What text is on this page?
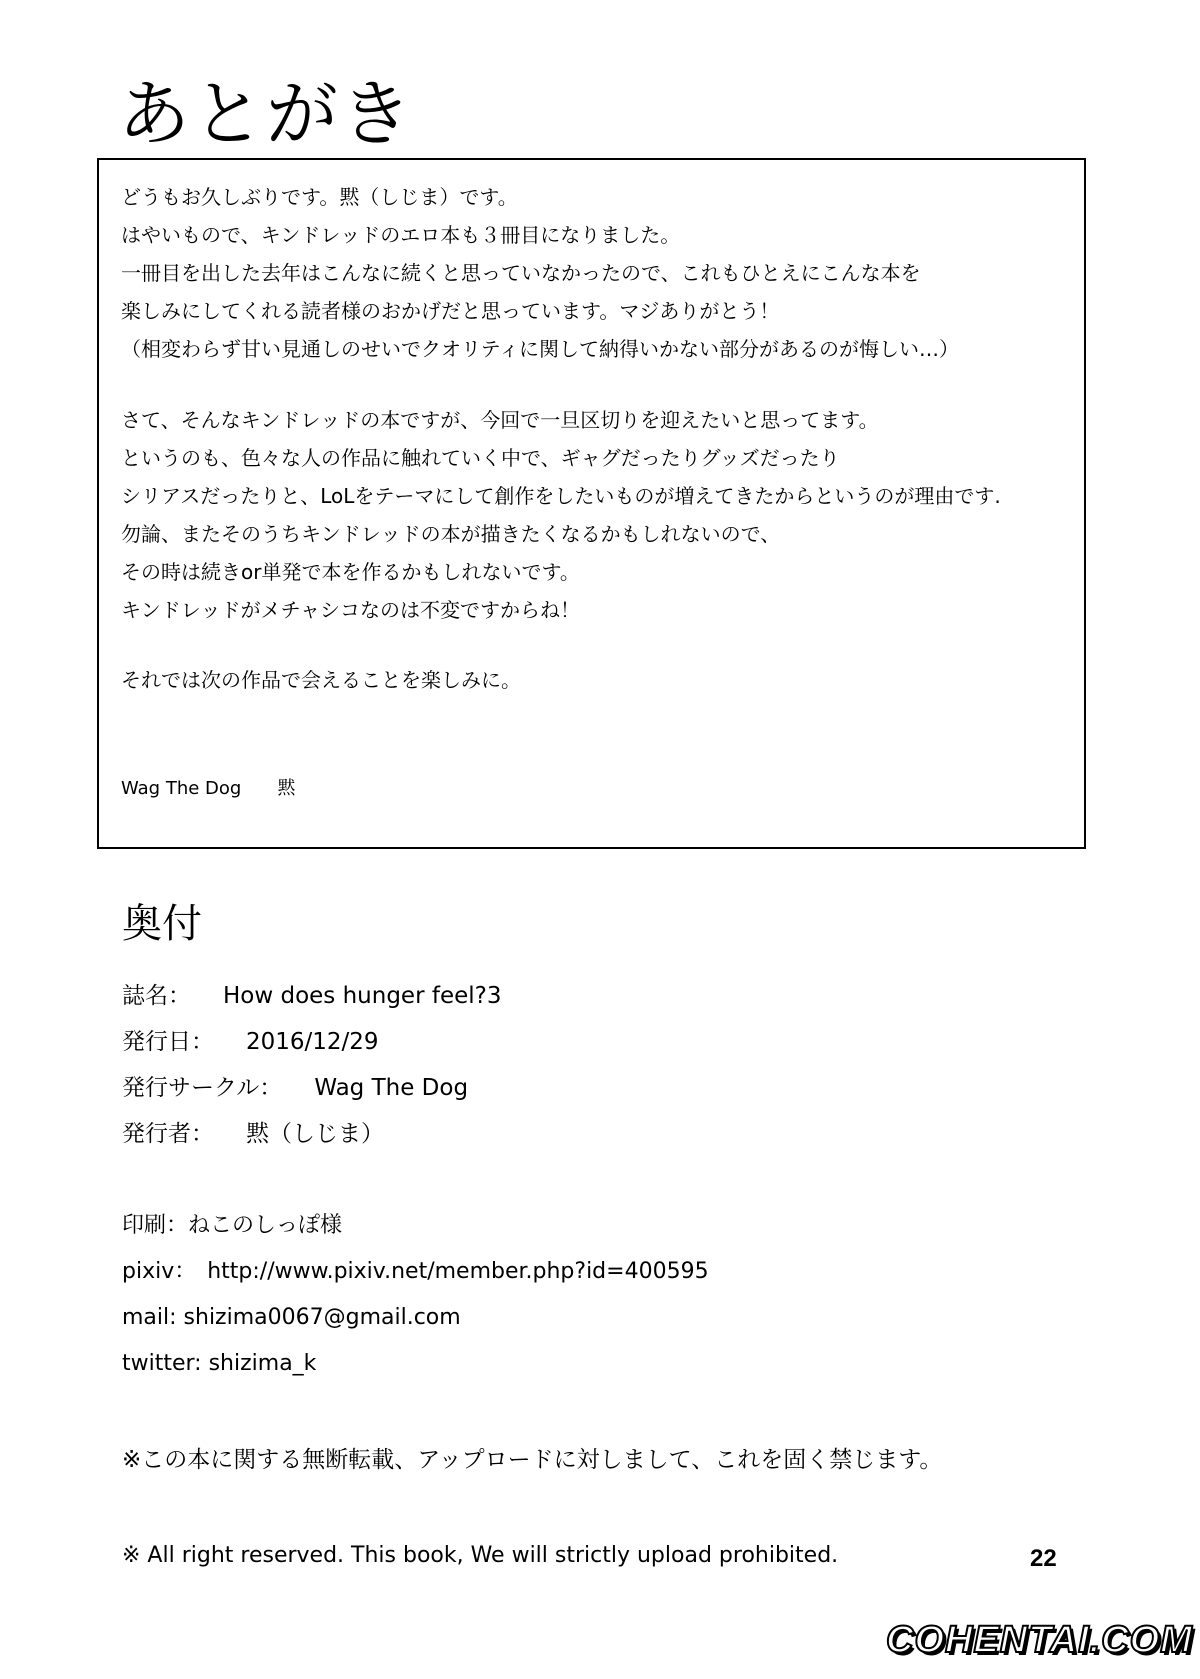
あとがき
どうもお久しぶりです。黙（しじま）です。
はやいもので、キンドレッドのエロ本も３冊目になりました。
一冊目を出した去年はこんなに続くと思っていなかったので、これもひとえにこんな本を
楽しみにしてくれる読者様のおかげだと思っています。マジありがとう！
（相変わらず甘い見通しのせいでクオリティに関して納得いかない部分があるのが悔しい…）
さて、そんなキンドレッドの本ですが、今回で一旦区切りを迎えたいと思ってます。
というのも、色々な人の作品に触れていく中で、ギャグだったりグッズだったり
シリアスだったりと、LoLをテーマにして創作をしたいものが増えてきたからというのが理由です.
勿論、またそのうちキンドレッドの本が描きたくなるかもしれないので、
その時は続きor単発で本を作るかもしれないです。
キンドレッドがメチャシコなのは不変ですからね！
それでは次の作品で会えることを楽しみに。
Wag The Dog　　黙
奥付
誌名： How does hunger feel?3
発行日： 2016/12/29
発行サークル： Wag The Dog
発行者： 黙（しじま）
印刷：ねこのしっぽ様
pixiv：　http://www.pixiv.net/member.php?id=400595
mail: shizima0067@gmail.com
twitter: shizima_k
※この本に関する無断転載、アップロードに対しまして、これを固く禁じます。
※ All right reserved. This book, We will strictly upload prohibited.	22
COHENTAI.COM
